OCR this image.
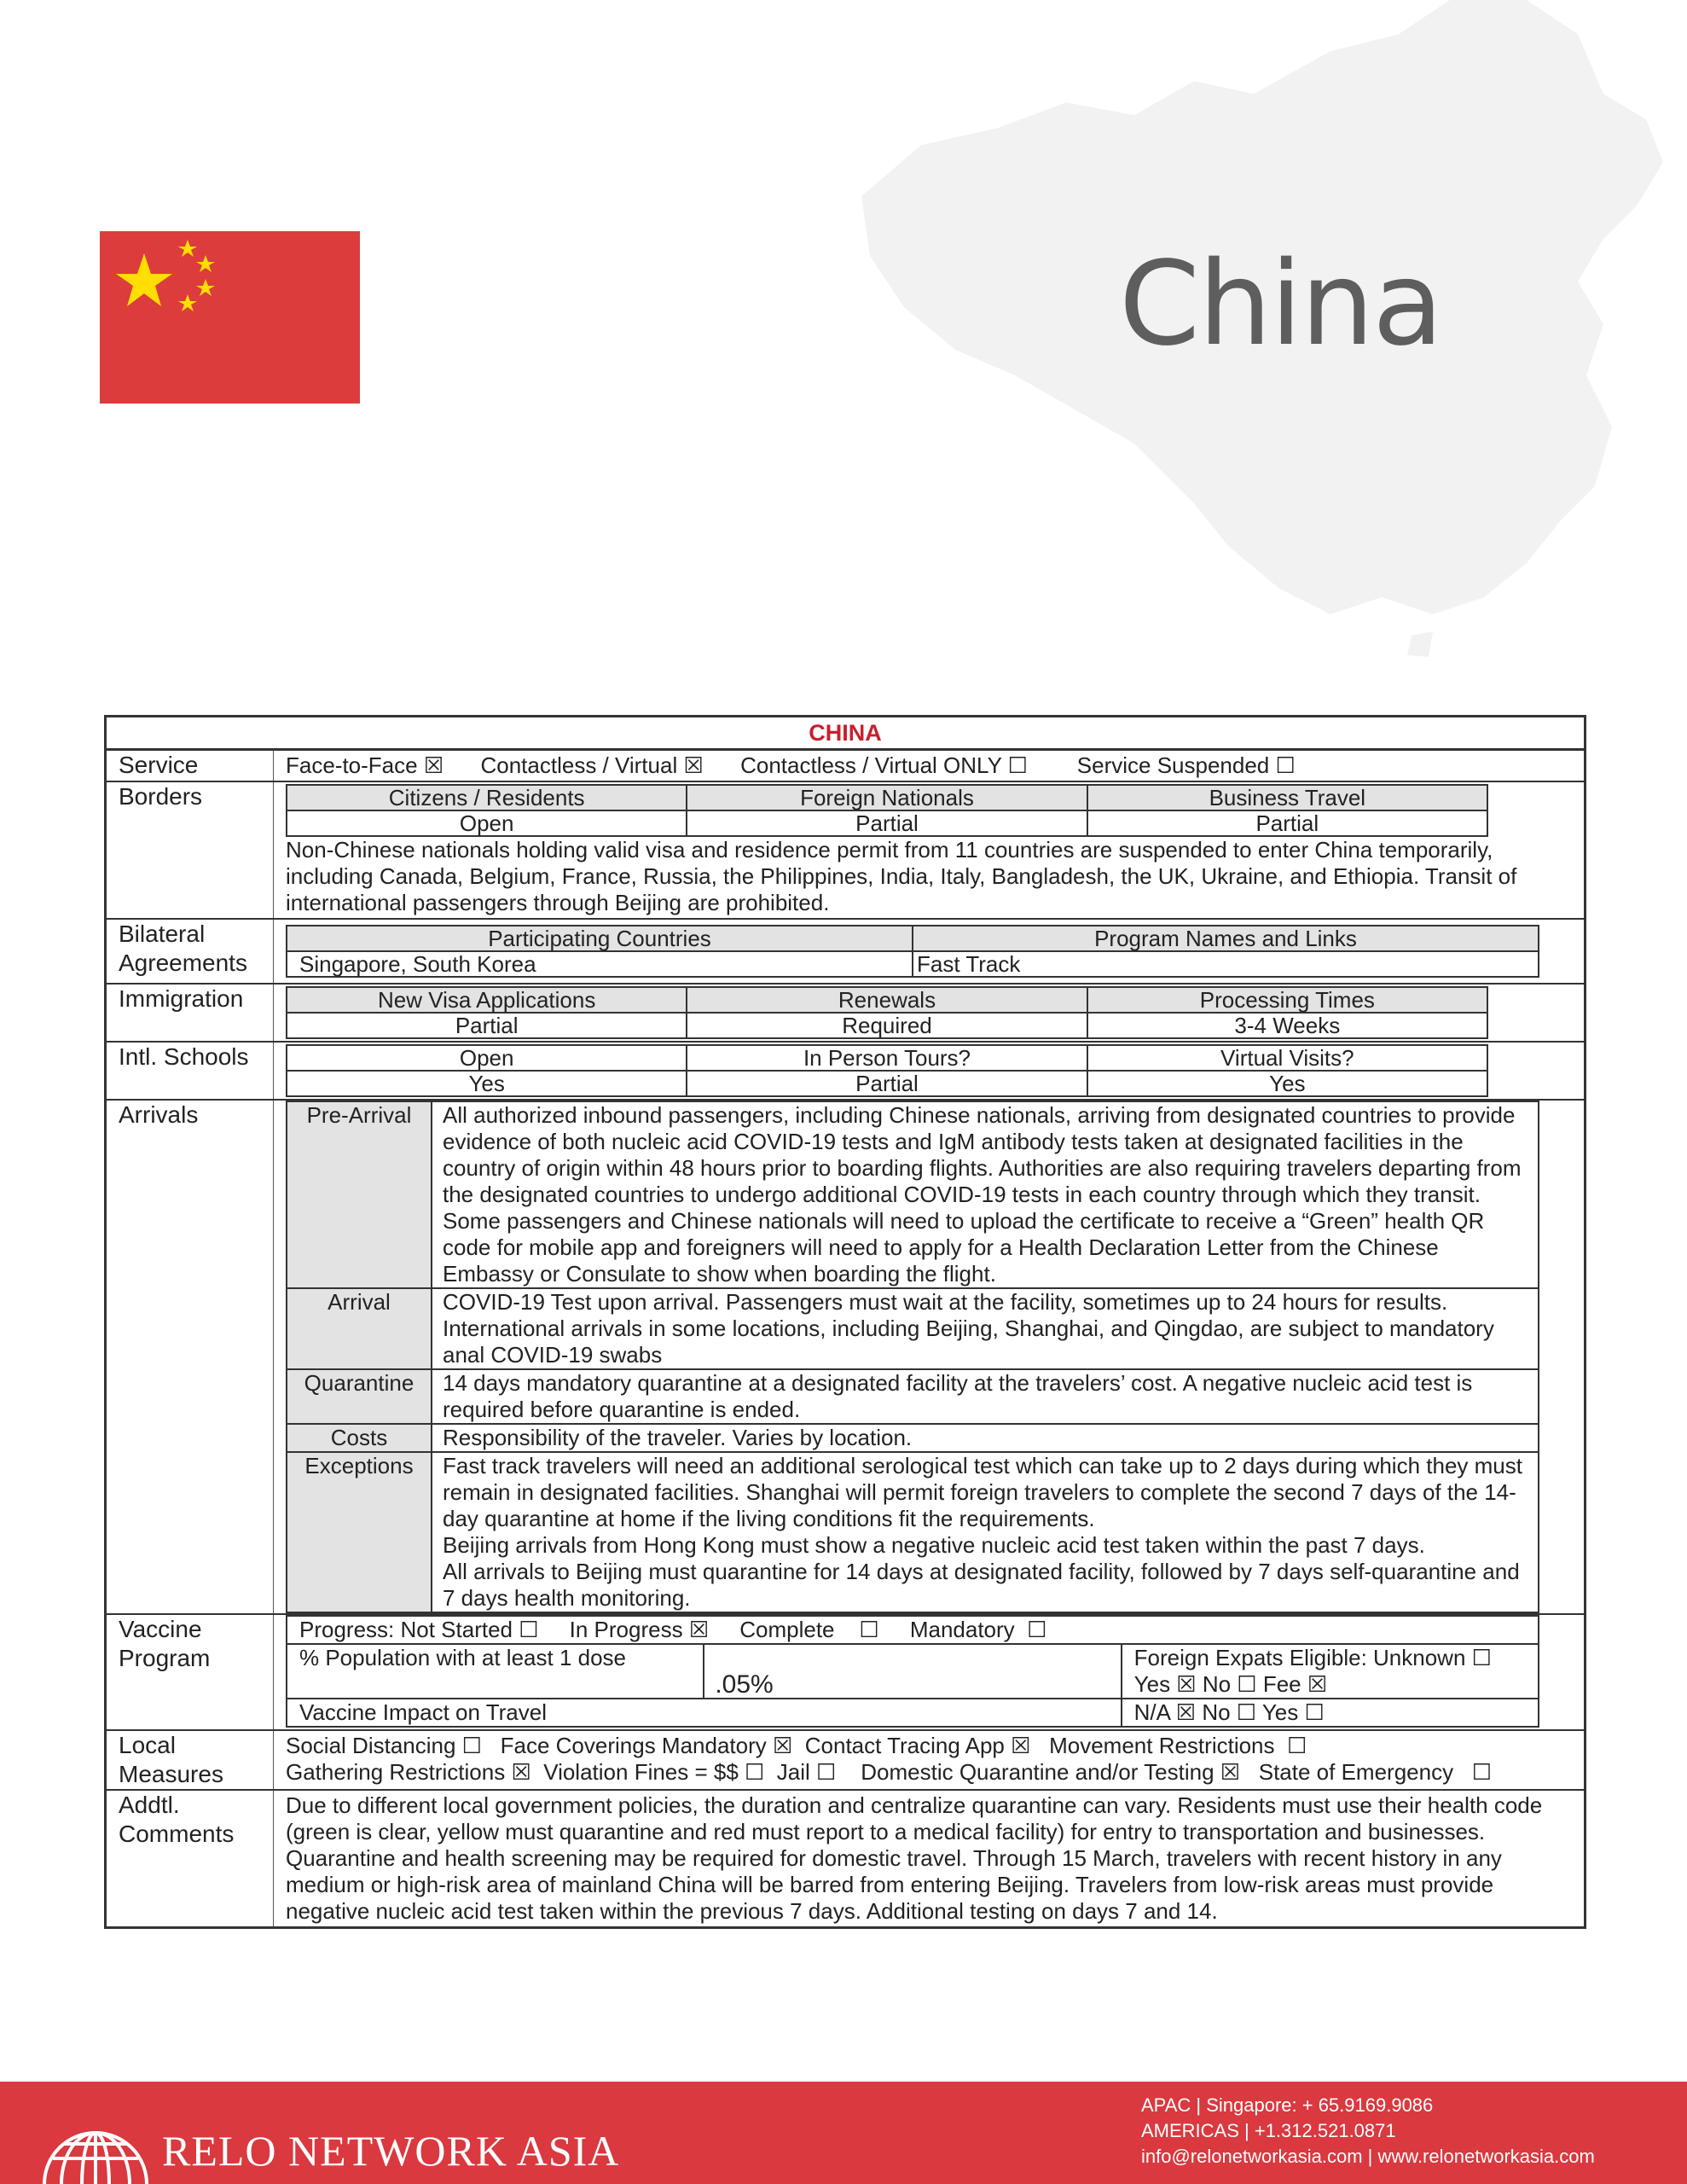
China
CHINA
Service	Face-to-Face ☒      Contactless / Virtual ☒      Contactless / Virtual ONLY ☐        Service Suspended ☐
Borders	Citizens / Residents	Foreign Nationals	Business Travel
Open	Partial	Partial
Non-Chinese nationals holding valid visa and residence permit from 11 countries are suspended to enter China temporarily, including Canada, Belgium, France, Russia, the Philippines, India, Italy, Bangladesh, the UK, Ukraine, and Ethiopia. Transit of international passengers through Beijing are prohibited.
Bilateral Agreements
Participating Countries	Program Names and Links
Singapore, South Korea	Fast Track
Immigration	New Visa Applications	Renewals	Processing Times
Partial	Required	3-4 Weeks
Intl. Schools	Open	In Person Tours?	Virtual Visits?
Yes	Partial	Yes
Arrivals	Pre-Arrival	All authorized inbound passengers, including Chinese nationals, arriving from designated countries to provide evidence of both nucleic acid COVID-19 tests and IgM antibody tests taken at designated facilities in the country of origin within 48 hours prior to boarding flights. Authorities are also requiring travelers departing from the designated countries to undergo additional COVID-19 tests in each country through which they transit.
Some passengers and Chinese nationals will need to upload the certificate to receive a “Green” health QR code for mobile app and foreigners will need to apply for a Health Declaration Letter from the Chinese Embassy or Consulate to show when boarding the flight.
Arrival	COVID-19 Test upon arrival. Passengers must wait at the facility, sometimes up to 24 hours for results. International arrivals in some locations, including Beijing, Shanghai, and Qingdao, are subject to mandatory anal COVID-19 swabs
Quarantine	14 days mandatory quarantine at a designated facility at the travelers’ cost. A negative nucleic acid test is required before quarantine is ended.
Costs	Responsibility of the traveler. Varies by location.
Exceptions	Fast track travelers will need an additional serological test which can take up to 2 days during which they must remain in designated facilities. Shanghai will permit foreign travelers to complete the second 7 days of the 14-day quarantine at home if the living conditions fit the requirements.
Beijing arrivals from Hong Kong must show a negative nucleic acid test taken within the past 7 days.
All arrivals to Beijing must quarantine for 14 days at designated facility, followed by 7 days self-quarantine and 7 days health monitoring.
Vaccine Program
Progress: Not Started ☐     In Progress ☒     Complete    ☐     Mandatory  ☐		
% Population with at least 1 dose	.05%	Foreign Expats Eligible: Unknown ☐ Yes ☒ No ☐ Fee ☒
Vaccine Impact on Travel		N/A ☒ No ☐ Yes ☐
Local Measures
Social Distancing ☐   Face Coverings Mandatory ☒  Contact Tracing App ☒   Movement Restrictions  ☐
Gathering Restrictions ☒  Violation Fines = $$ ☐  Jail ☐    Domestic Quarantine and/or Testing ☒   State of Emergency   ☐
Addtl. Comments
Due to different local government policies, the duration and centralize quarantine can vary. Residents must use their health code (green is clear, yellow must quarantine and red must report to a medical facility) for entry to transportation and businesses. Quarantine and health screening may be required for domestic travel. Through 15 March, travelers with recent history in any medium or high-risk area of mainland China will be barred from entering Beijing. Travelers from low-risk areas must provide negative nucleic acid test taken within the previous 7 days. Additional testing on days 7 and 14.
RELO NETWORK ASIA
APAC | Singapore: + 65.9169.9086
AMERICAS | +1.312.521.0871
info@relonetworkasia.com | www.relonetworkasia.com
